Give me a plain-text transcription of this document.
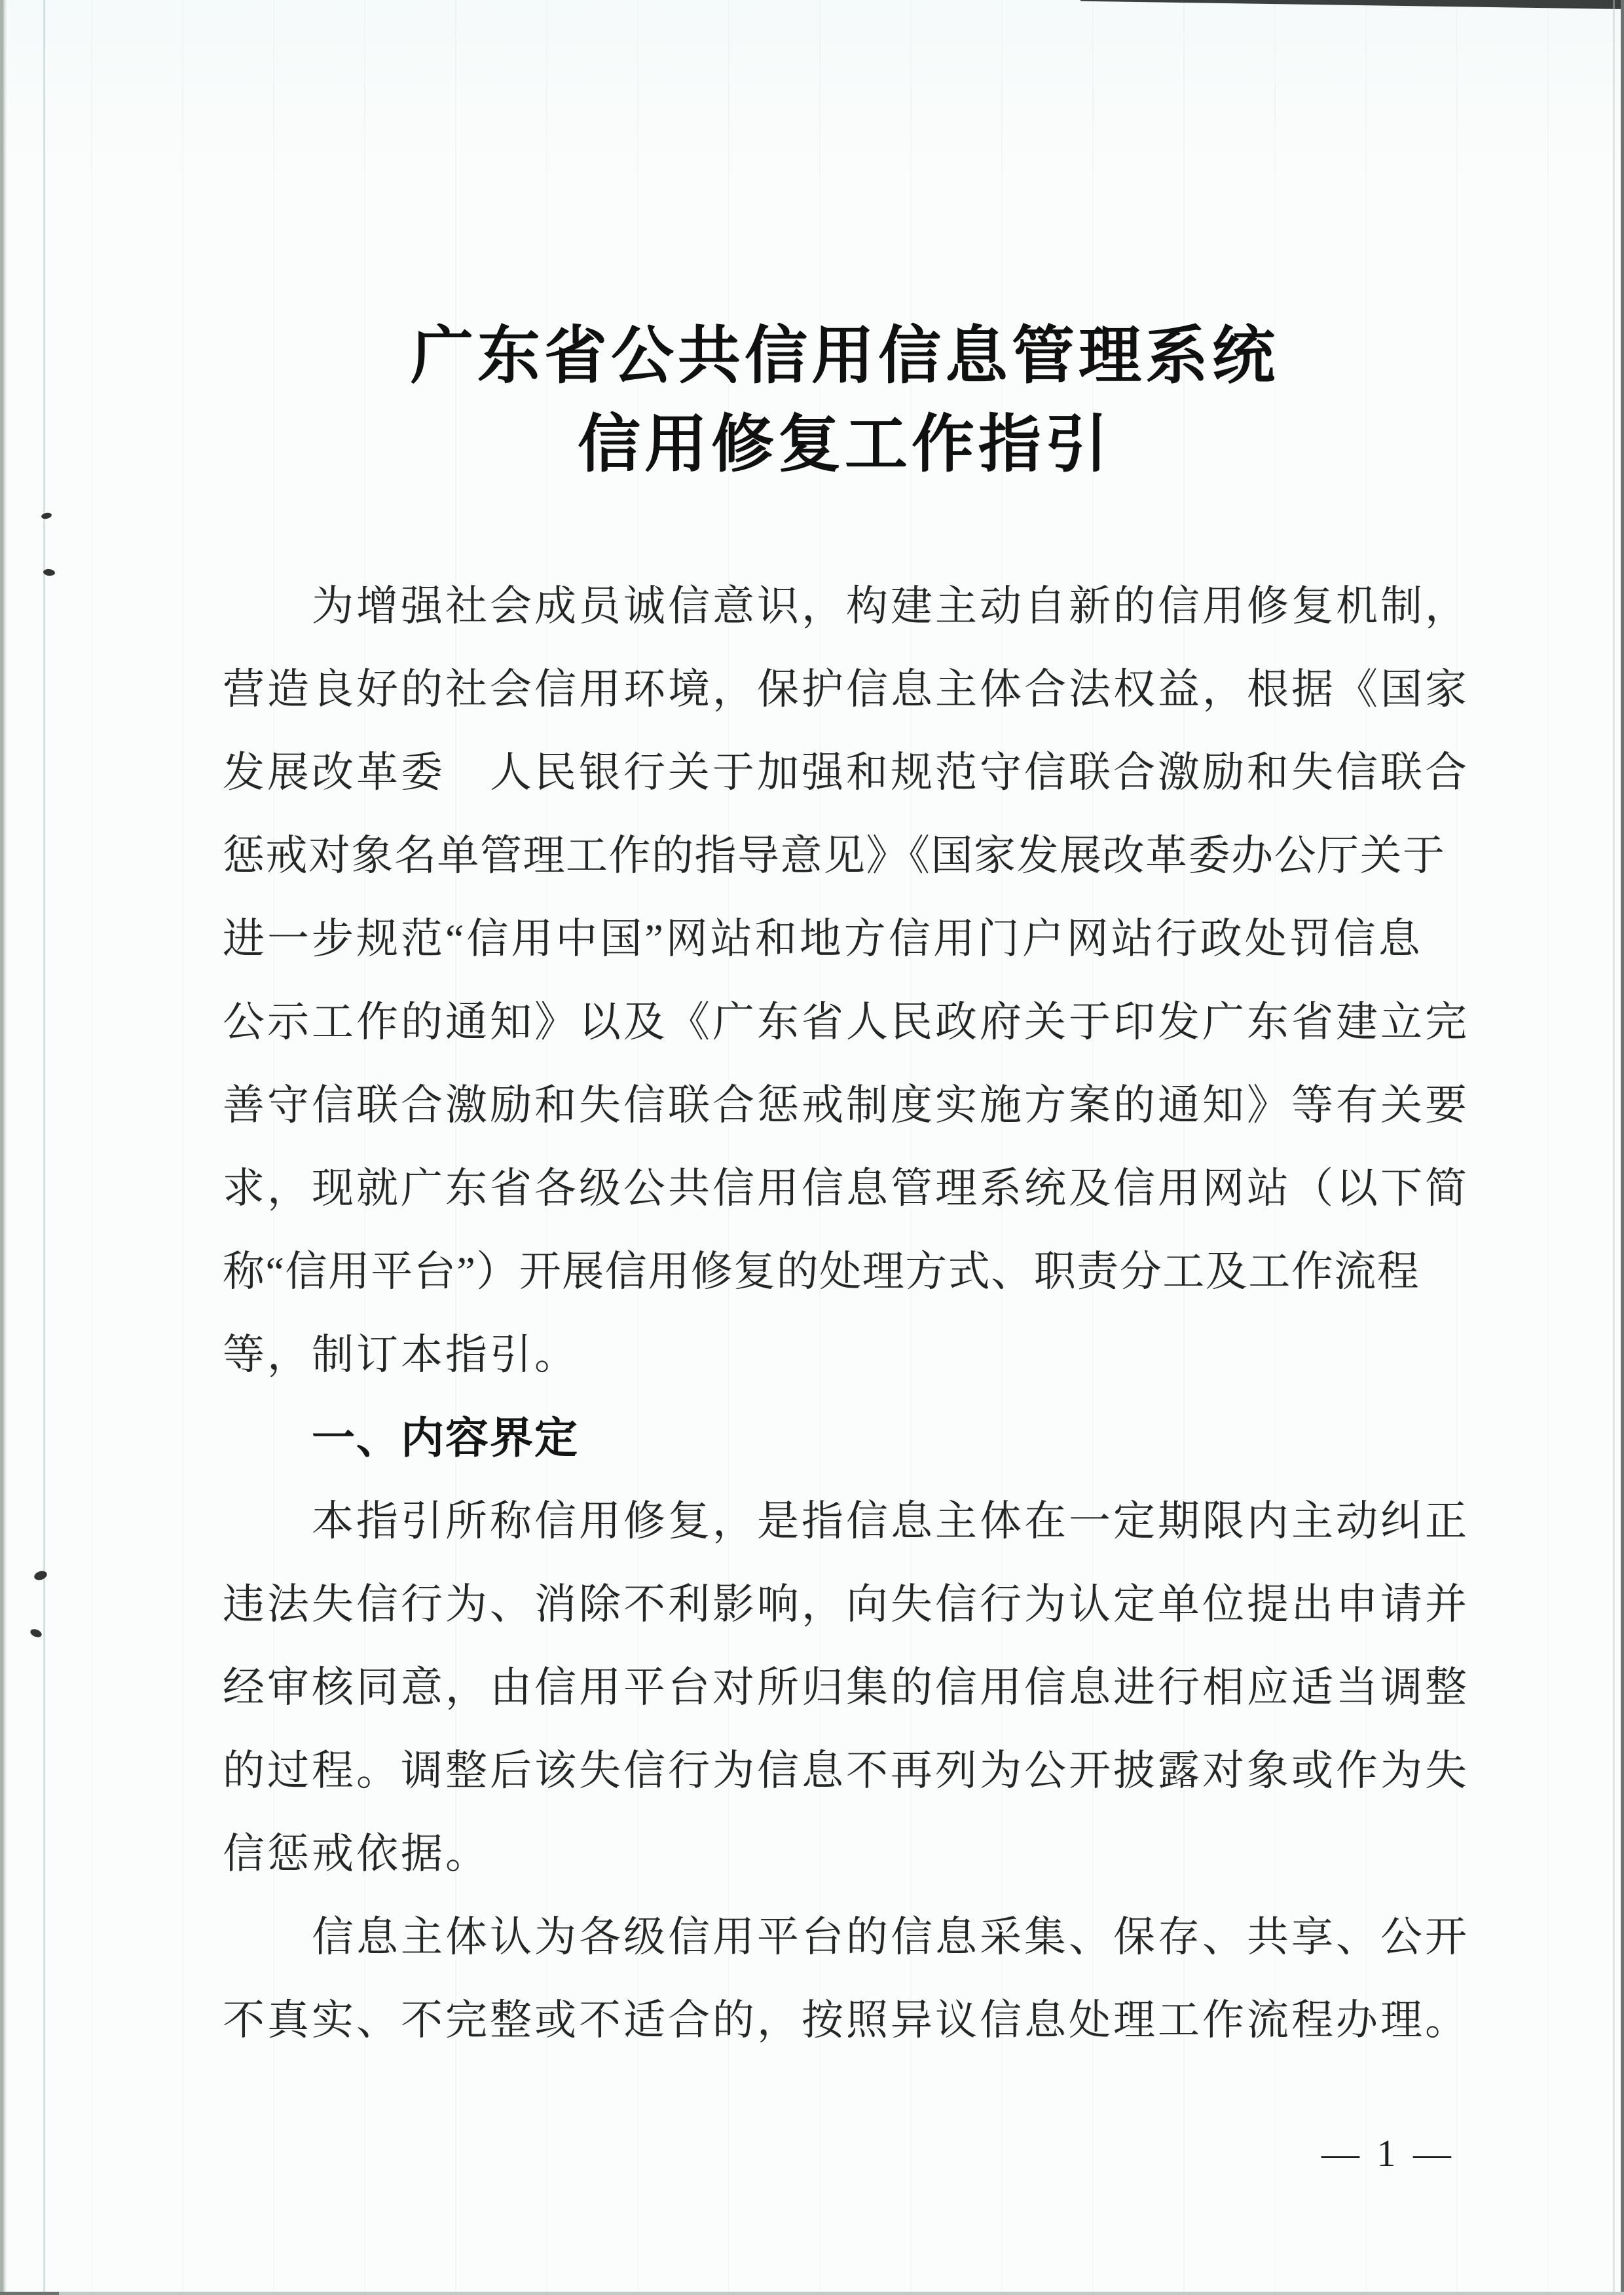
广东省公共信用信息管理系统
信用修复工作指引
为增强社会成员诚信意识，构建主动自新的信用修复机制，
营造良好的社会信用环境，保护信息主体合法权益，根据《国家
发展改革委　人民银行关于加强和规范守信联合激励和失信联合
惩戒对象名单管理工作的指导意见》《国家发展改革委办公厅关于
进一步规范“信用中国”网站和地方信用门户网站行政处罚信息
公示工作的通知》以及《广东省人民政府关于印发广东省建立完
善守信联合激励和失信联合惩戒制度实施方案的通知》等有关要
求，现就广东省各级公共信用信息管理系统及信用网站（以下简
称“信用平台”）开展信用修复的处理方式、职责分工及工作流程
等，制订本指引。
一、内容界定
本指引所称信用修复，是指信息主体在一定期限内主动纠正
违法失信行为、消除不利影响，向失信行为认定单位提出申请并
经审核同意，由信用平台对所归集的信用信息进行相应适当调整
的过程。调整后该失信行为信息不再列为公开披露对象或作为失
信惩戒依据。
信息主体认为各级信用平台的信息采集、保存、共享、公开
不真实、不完整或不适合的，按照异议信息处理工作流程办理。
— 1 —
